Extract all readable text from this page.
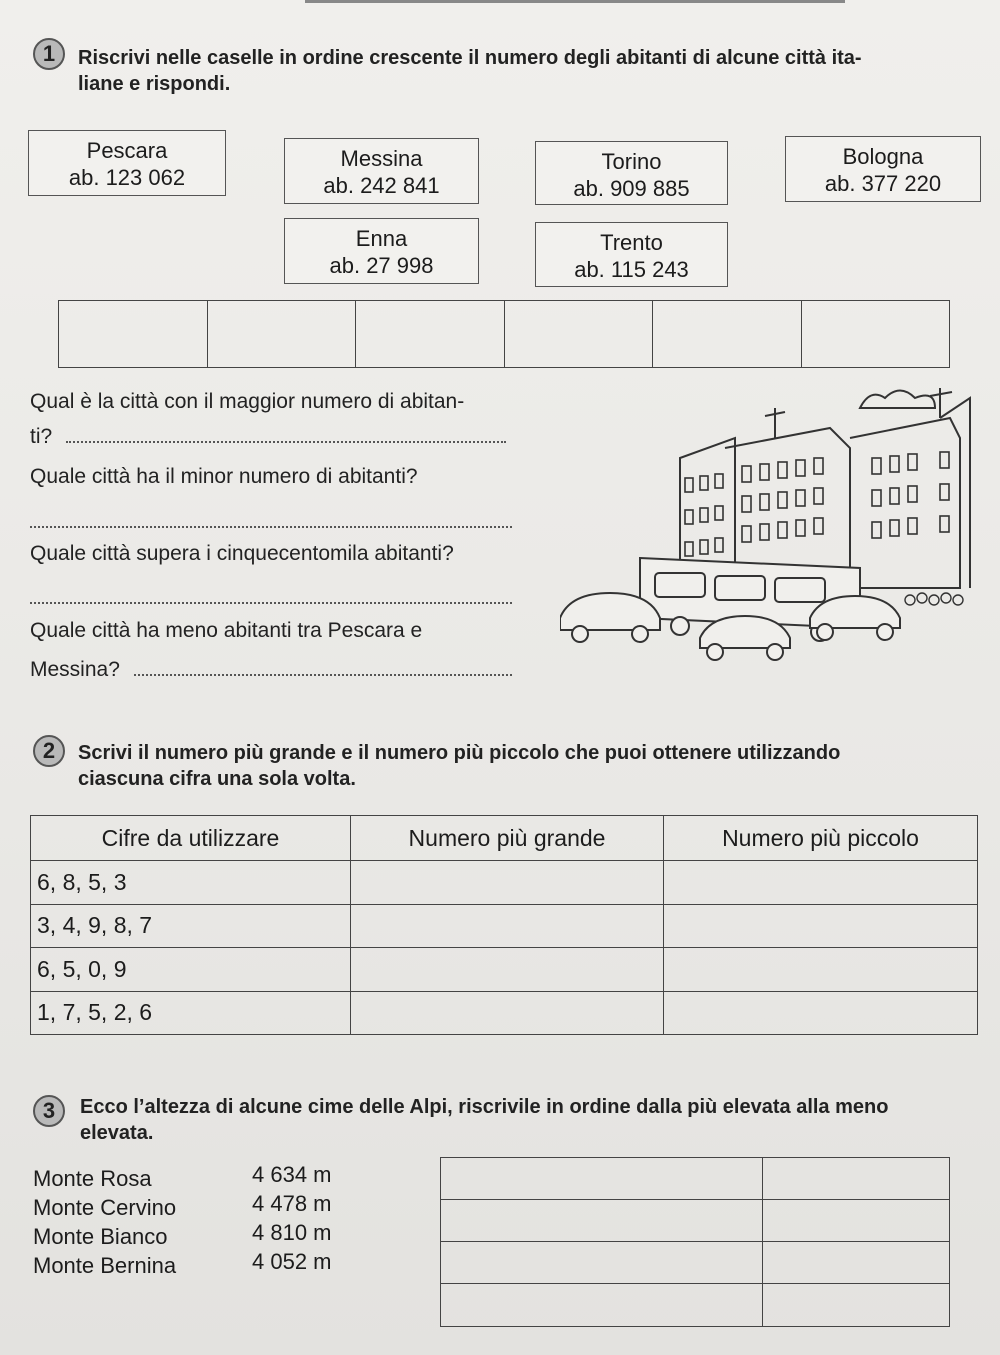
1	Riscrivi nelle caselle in ordine crescente il numero degli abitanti di alcune città ita-
liane e rispondi.
Pescara
ab. 123 062
Messina
ab. 242 841
Torino
ab. 909 885
Bologna
ab. 377 220
Enna
ab. 27 998
Trento
ab. 115 243
Qual è la città con il maggior numero di abitan-
ti?
Quale città ha il minor numero di abitanti?
Quale città supera i cinquecentomila abitanti?
Quale città ha meno abitanti tra Pescara e
Messina?
2	Scrivi il numero più grande e il numero più piccolo che puoi ottenere utilizzando
ciascuna cifra una sola volta.
Cifre da utilizzare	Numero più grande	Numero più piccolo
6, 8, 5, 3		
3, 4, 9, 8, 7		
6, 5, 0, 9		
1, 7, 5, 2, 6		
3	Ecco l’altezza di alcune cime delle Alpi, riscrivile in ordine dalla più elevata alla meno
elevata.
Monte Rosa	4 634 m
Monte Cervino	4 478 m
Monte Bianco	4 810 m
Monte Bernina	4 052 m
